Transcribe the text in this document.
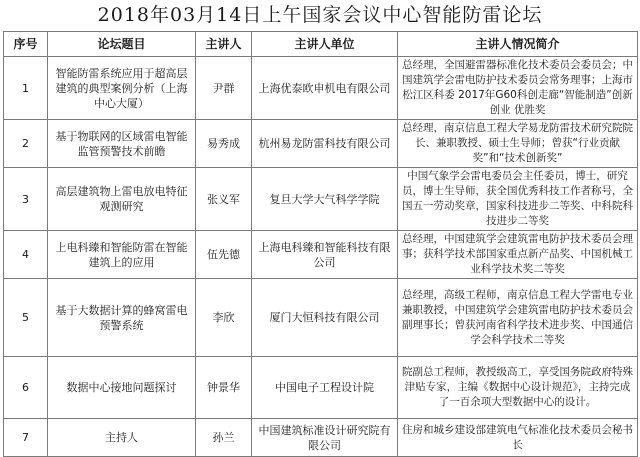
2018年03月14日上午国家会议中心智能防雷论坛
序号	论坛题目	主讲人	主讲人单位	主讲人情况简介
1	智能防雷系统应用于超高层建筑的典型案例分析（上海中心大厦）	尹群	上海优泰欧申机电有限公司	总经理，全国避雷器标准化技术委员会委员会；中国建筑学会雷电防护技术委员会常务理事；上海市松江区科委 2017年G60科创走廊“智能制造”创新创业 优胜奖
2	基于物联网的区域雷电智能监管预警技术前瞻	易秀成	杭州易龙防雷科技有限公司	总经理，南京信息工程大学易龙防雷技术研究院院长、兼职教授、硕士生导师；曾获“行业贡献奖”和“技术创新奖”
3	高层建筑物上雷电放电特征观测研究	张义军	复旦大学大气科学学院	中国气象学会雷电委员会主任委员，博士，研究员，博士生导师，获全国优秀科技工作者称号，全国五一劳动奖章，国家科技进步二等奖、中科院科技进步二等奖
4	上电科臻和智能防雷在智能建筑上的应用	伍先德	上海电科臻和智能科技有限公司	总经理，中国建筑学会建筑雷电防护技术委员会理事；获科学技术部国家重点新产品奖、中国机械工业科学技术奖二等奖
5	基于大数据计算的蜂窝雷电预警系统	李欣	厦门大恒科技有限公司	总经理，高级工程师，南京信息工程大学雷电专业兼职教授，中国建筑学会建筑雷电防护技术委员会副理事长；曾获河南省科学技术进步奖、中国通信学会科学技术二等奖
6	数据中心接地问题探讨	钟景华	中国电子工程设计院	院副总工程师，教授级高工，享受国务院政府特殊津贴专家，主编《数据中心设计规范》，主持完成了一百余项大型数据中心的设计。
7	主持人	孙兰	中国建筑标准设计研究院有限公司	住房和城乡建设部建筑电气标准化技术委员会秘书长
